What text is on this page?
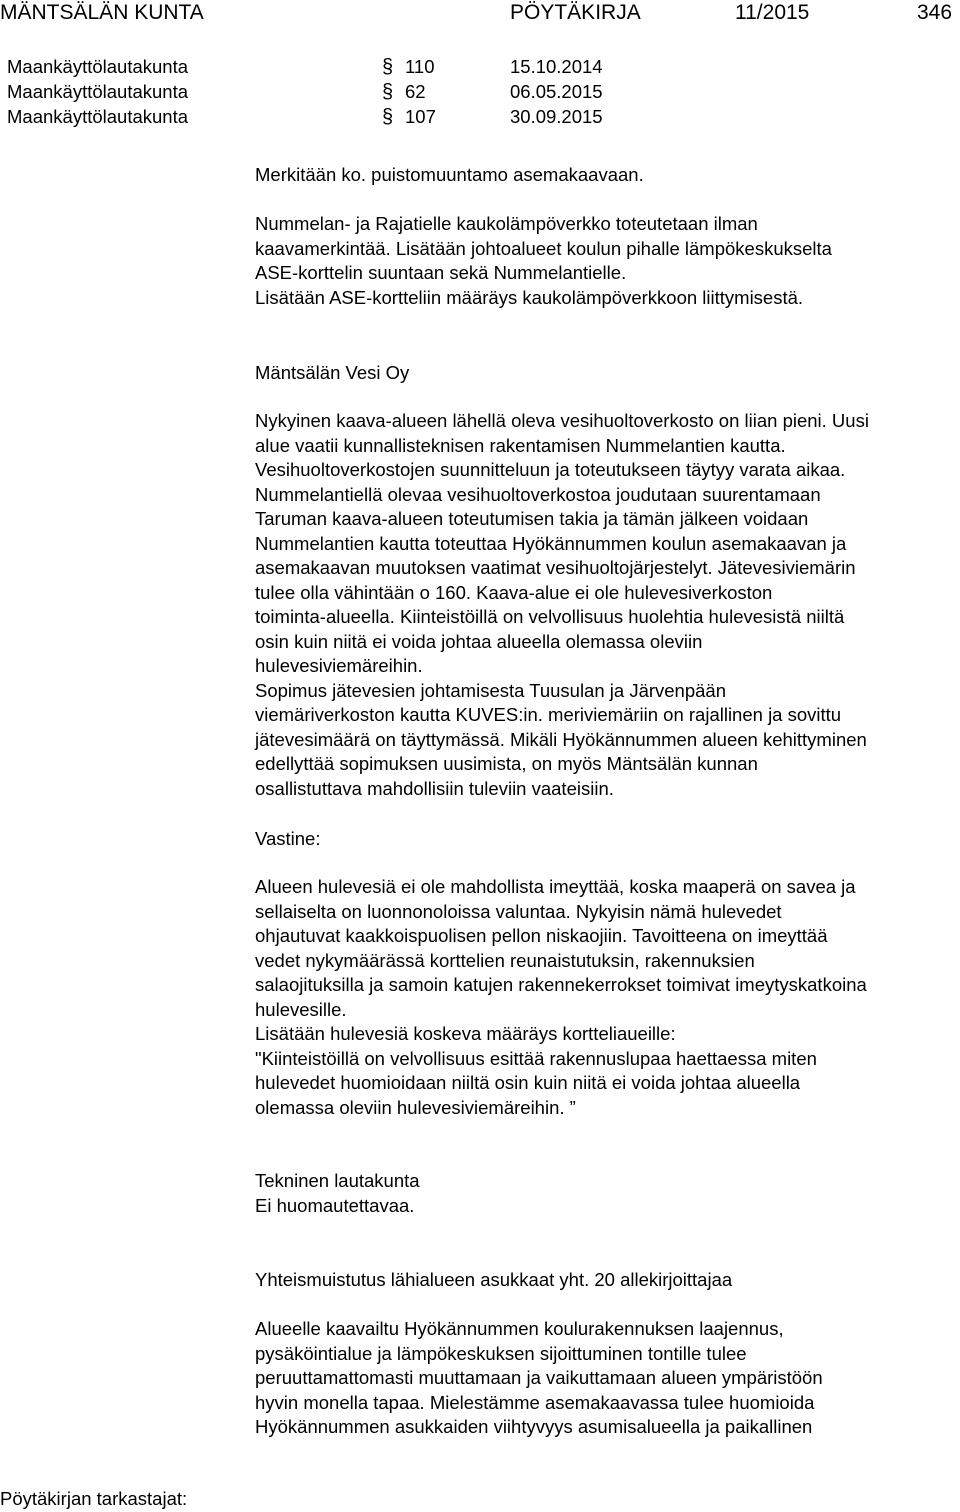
MÄNTSÄLÄN KUNTA	PÖYTÄKIRJA	11/2015	346
Maankäyttölautakunta	§ 110	15.10.2014
Maankäyttölautakunta	§ 62	06.05.2015
Maankäyttölautakunta	§ 107	30.09.2015
Merkitään ko. puistomuuntamo asemakaavaan.
Nummelan- ja Rajatielle kaukolämpöverkko toteutetaan ilman
kaavamerkintää. Lisätään johtoalueet koulun pihalle lämpökeskukselta
ASE-korttelin suuntaan sekä Nummelantielle.
Lisätään ASE-kortteliin määräys kaukolämpöverkkoon liittymisestä.
Mäntsälän Vesi Oy
Nykyinen kaava-alueen lähellä oleva vesihuoltoverkosto on liian pieni. Uusi
alue vaatii kunnallisteknisen rakentamisen Nummelantien kautta.
Vesihuoltoverkostojen suunnitteluun ja toteutukseen täytyy varata aikaa.
Nummelantiellä olevaa vesihuoltoverkostoa joudutaan suurentamaan
Taruman kaava-alueen toteutumisen takia ja tämän jälkeen voidaan
Nummelantien kautta toteuttaa Hyökännummen koulun asemakaavan ja
asemakaavan muutoksen vaatimat vesihuoltojärjestelyt. Jätevesiviemärin
tulee olla vähintään o 160. Kaava-alue ei ole hulevesiverkoston
toiminta-alueella. Kiinteistöillä on velvollisuus huolehtia hulevesistä niiltä
osin kuin niitä ei voida johtaa alueella olemassa oleviin
hulevesiviemäreihin.
Sopimus jätevesien johtamisesta Tuusulan ja Järvenpään
viemäriverkoston kautta KUVES:in. meriviemäriin on rajallinen ja sovittu
jätevesimäärä on täyttymässä. Mikäli Hyökännummen alueen kehittyminen
edellyttää sopimuksen uusimista, on myös Mäntsälän kunnan
osallistuttava mahdollisiin tuleviin vaateisiin.
Vastine:
Alueen hulevesiä ei ole mahdollista imeyttää, koska maaperä on savea ja
sellaiselta on luonnonoloissa valuntaa. Nykyisin nämä hulevedet
ohjautuvat kaakkoispuolisen pellon niskaojiin. Tavoitteena on imeyttää
vedet nykymäärässä korttelien reunaistutuksin, rakennuksien
salaojituksilla ja samoin katujen rakennekerrokset toimivat imeytyskatkoina
hulevesille.
Lisätään hulevesiä koskeva määräys kortteliaueille:
"Kiinteistöillä on velvollisuus esittää rakennuslupaa haettaessa miten
hulevedet huomioidaan niiltä osin kuin niitä ei voida johtaa alueella
olemassa oleviin hulevesiviemäreihin. ”
Tekninen lautakunta
Ei huomautettavaa.
Yhteismuistutus lähialueen asukkaat yht. 20 allekirjoittajaa
Alueelle kaavailtu Hyökännummen koulurakennuksen laajennus,
pysäköintialue ja lämpökeskuksen sijoittuminen tontille tulee
peruuttamattomasti muuttamaan ja vaikuttamaan alueen ympäristöön
hyvin monella tapaa. Mielestämme asemakaavassa tulee huomioida
Hyökännummen asukkaiden viihtyvyys asumisalueella ja paikallinen
Pöytäkirjan tarkastajat:
